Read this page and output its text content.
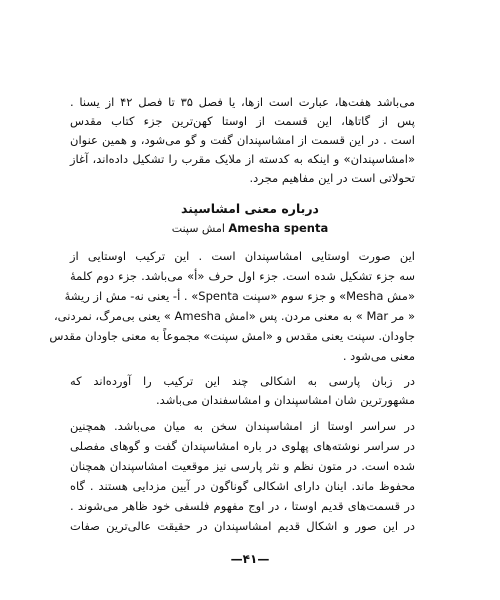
می‌باشد هفت‌ها، عبارت است از‌ها، یا فصل ۳۵ تا فصل ۴۲ از یسنا .
پس از گاتاها، این قسمت از اوستا کهن‌ترین جزء کتاب مقدس
است . در این قسمت از امشاسپندان گفت و گو می‌شود، و همین عنوان
«امشاسپندان» و اینکه به کدسته از ملایک مقرب را تشکیل داده‌اند، آغاز
تحولاتی است در این مفاهیم مجرد.
درباره معنی امشاسپند
Amesha spenta امش سپنت
این صورت اوستایی امشاسپندان است . این ترکیب اوستایی از
سه جزء تشکیل شده است. جزء اول حرف «أ» می‌باشد. جزء دوم کلمهٔ
«مش Mesha» و جزء سوم «سپنت Spenta» . أ- یعنی نه- مش از ریشهٔ
« مر Mar » به معنی مردن. پس «امش Amesha » یعنی بی‌مرگ، نمردنی،
جاودان. سپنت یعنی مقدس و «امش سپنت» مجموعاً به معنی جاودان مقدس
معنی می‌شود .
در زبان پارسی به اشکالی چند این ترکیب را آورده‌اند که
مشهورترین شان امشاسپندان و امشاسفندان می‌باشد.
در سراسر اوستا از امشاسپندان سخن به میان می‌باشد. همچنین
در سراسر نوشته‌های پهلوی در باره امشاسپندان گفت و گوهای مفصلی
شده است. در متون نظم و نثر پارسی نیز موقعیت امشاسپندان همچنان
محفوظ ماند. اینان دارای اشکالی گوناگون در آیین مزدایی هستند . گاه
در قسمت‌های قدیم اوستا ، در اوج مفهوم فلسفی خود ظاهر می‌شوند .
در این صور و اشکال قدیم امشاسپندان در حقیقت عالی‌ترین صفات
—۴۱—
